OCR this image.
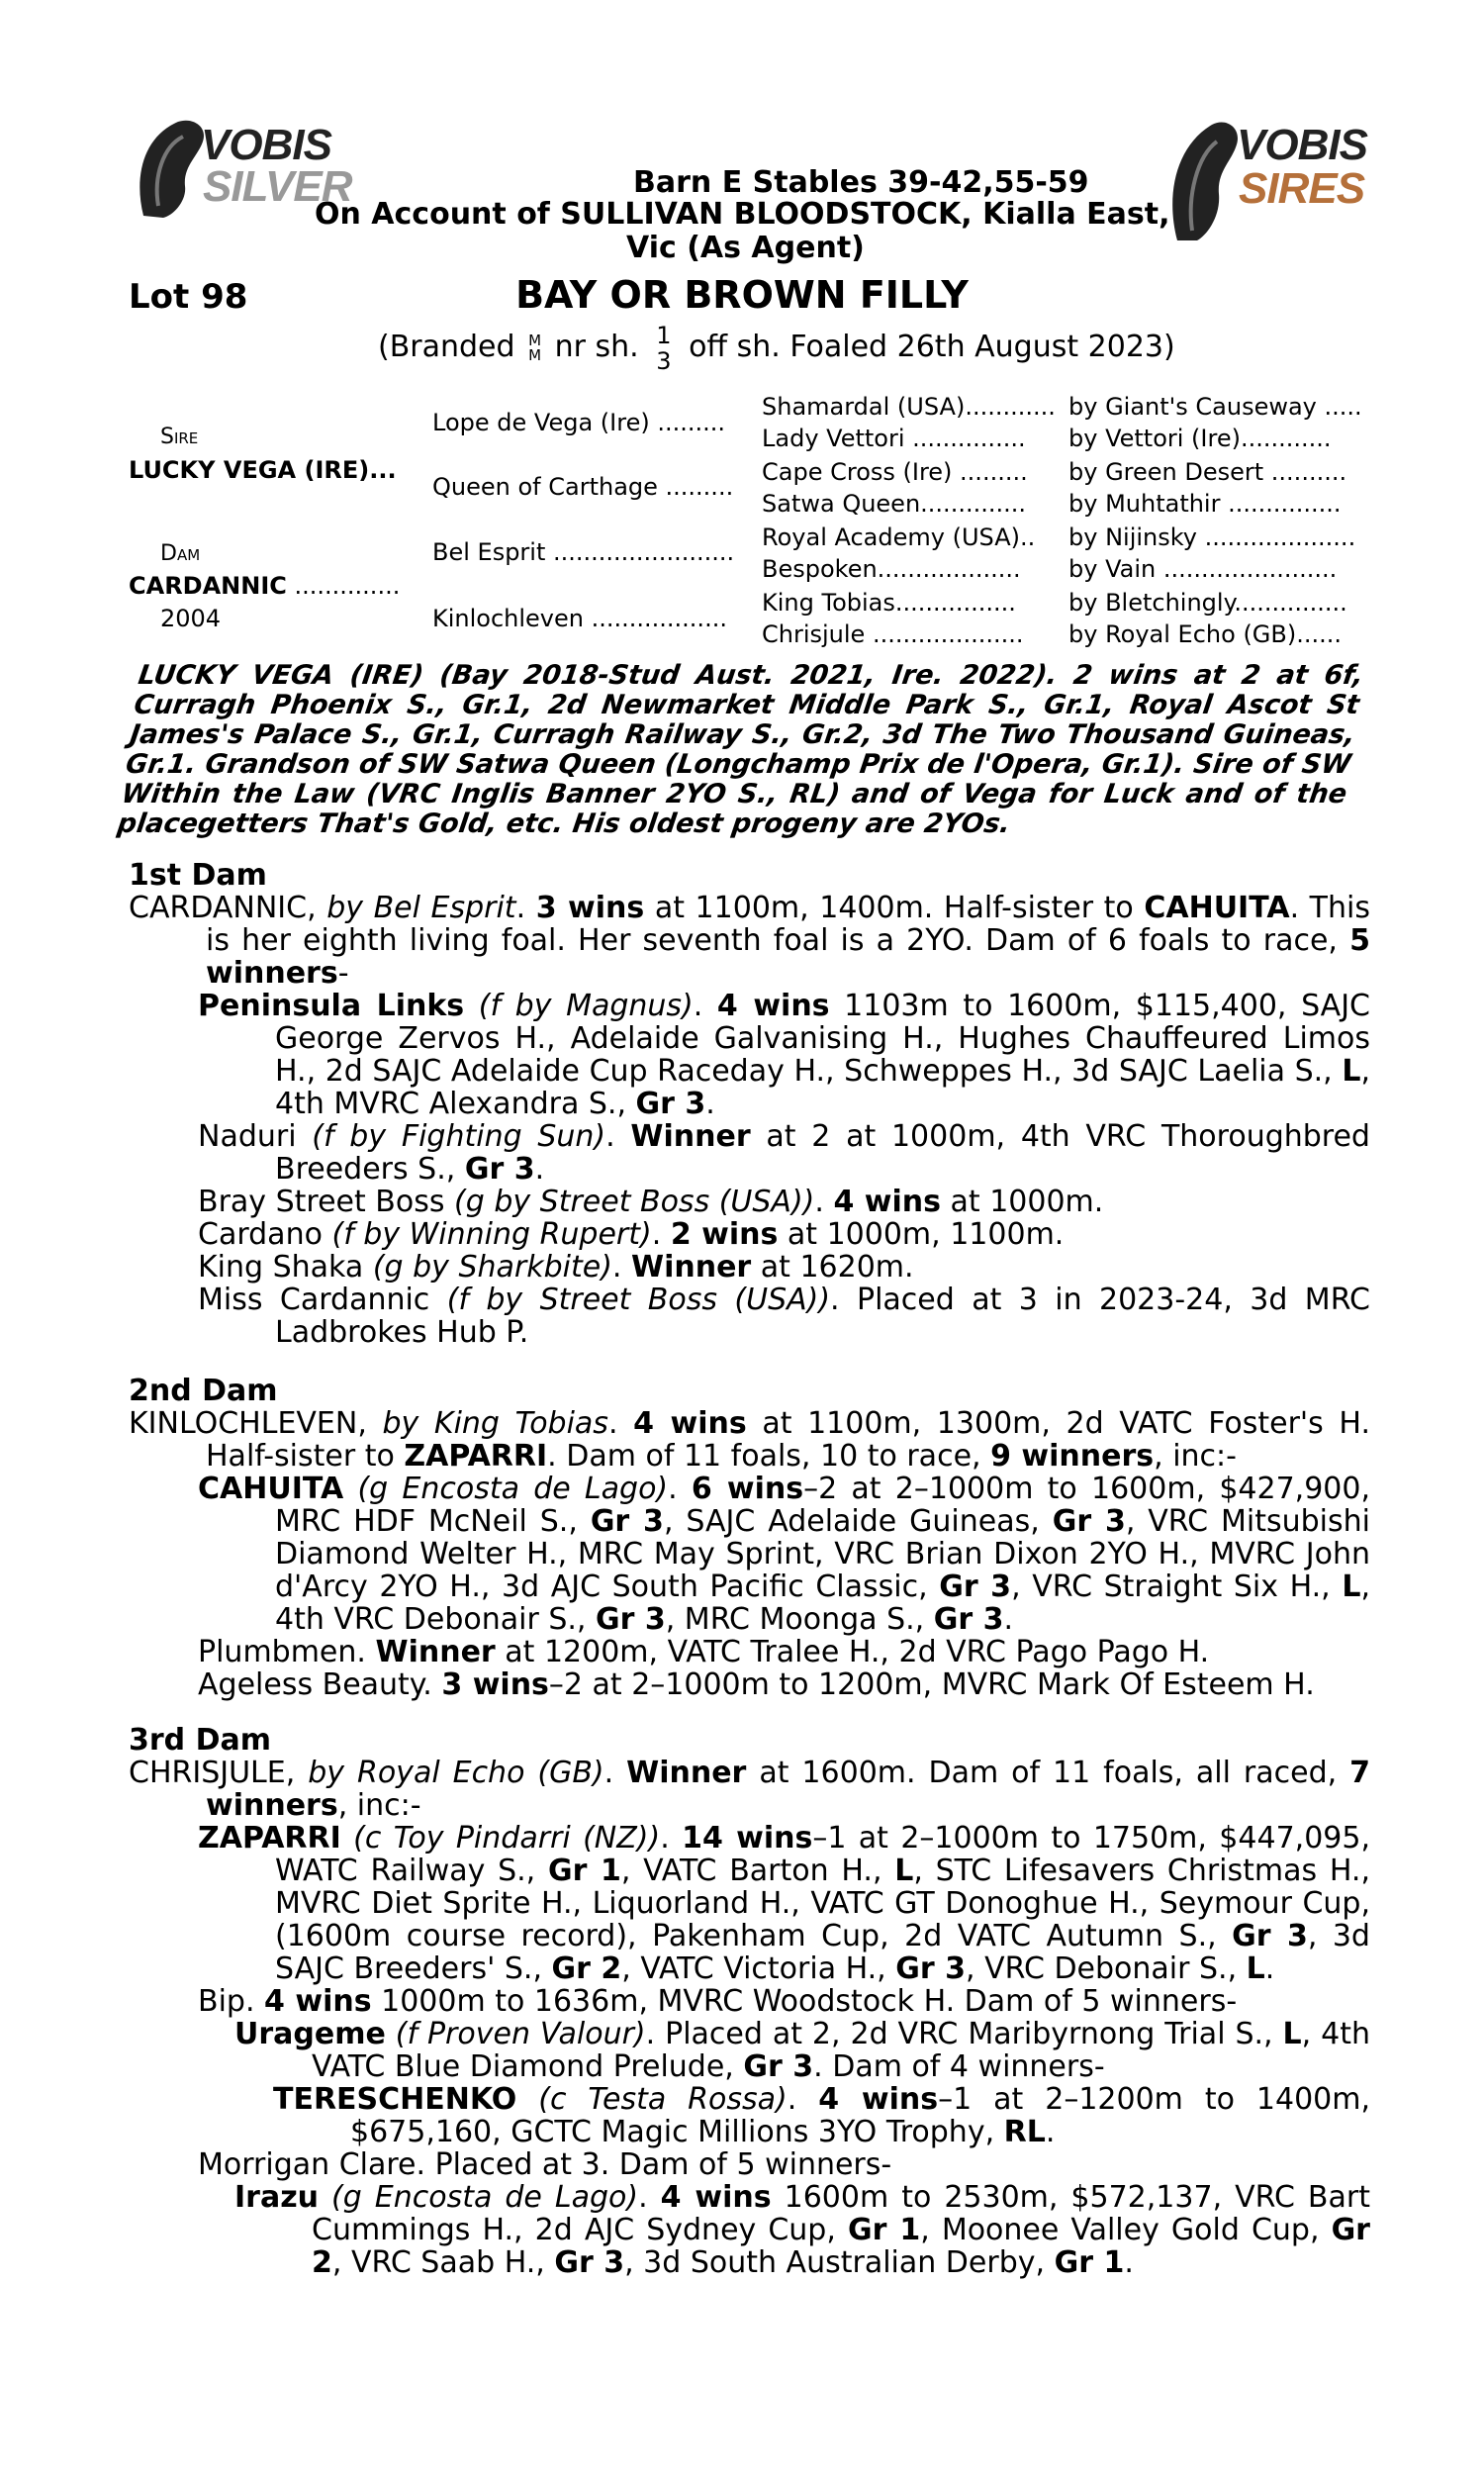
VOBIS
SILVER
VOBIS
SIRES
Barn E Stables 39-42,55-59
On Account of SULLIVAN BLOODSTOCK, Kialla East,
Vic (As Agent)
Lot 98	BAY OR BROWN FILLY
(Branded M
M nr sh. 1
3 off sh. Foaled 26th August 2023)
Sire
LUCKY VEGA (IRE)...
Dam
CARDANNIC ..............
2004
Lope de Vega (Ire) .........
Queen of Carthage .........
Bel Esprit ........................
Kinlochleven ..................
Shamardal (USA)............
Lady Vettori ...............
Cape Cross (Ire) .........
Satwa Queen..............
Royal Academy (USA)..
Bespoken...................
King Tobias................
Chrisjule ....................
by Giant's Causeway .....
by Vettori (Ire)............
by Green Desert ..........
by Muhtathir ...............
by Nijinsky ....................
by Vain .......................
by Bletchingly...............
by Royal Echo (GB)......
LUCKY VEGA (IRE) (Bay 2018-Stud Aust. 2021, Ire. 2022). 2 wins at 2 at 6f, Curragh Phoenix S., Gr.1, 2d Newmarket Middle Park S., Gr.1, Royal Ascot St James's Palace S., Gr.1, Curragh Railway S., Gr.2, 3d The Two Thousand Guineas, Gr.1. Grandson of SW Satwa Queen (Longchamp Prix de l'Opera, Gr.1). Sire of SW Within the Law (VRC Inglis Banner 2YO S., RL) and of Vega for Luck and of the placegetters That's Gold, etc. His oldest progeny are 2YOs.
1st Dam
CARDANNIC, by Bel Esprit. 3 wins at 1100m, 1400m. Half-sister to CAHUITA. This is her eighth living foal. Her seventh foal is a 2YO. Dam of 6 foals to race, 5 winners-
Peninsula Links (f by Magnus). 4 wins 1103m to 1600m, $115,400, SAJC George Zervos H., Adelaide Galvanising H., Hughes Chauffeured Limos H., 2d SAJC Adelaide Cup Raceday H., Schweppes H., 3d SAJC Laelia S., L, 4th MVRC Alexandra S., Gr 3.
Naduri (f by Fighting Sun). Winner at 2 at 1000m, 4th VRC Thoroughbred Breeders S., Gr 3.
Bray Street Boss (g by Street Boss (USA)). 4 wins at 1000m.
Cardano (f by Winning Rupert). 2 wins at 1000m, 1100m.
King Shaka (g by Sharkbite). Winner at 1620m.
Miss Cardannic (f by Street Boss (USA)). Placed at 3 in 2023-24, 3d MRC Ladbrokes Hub P.
2nd Dam
KINLOCHLEVEN, by King Tobias. 4 wins at 1100m, 1300m, 2d VATC Foster's H. Half-sister to ZAPARRI. Dam of 11 foals, 10 to race, 9 winners, inc:-
CAHUITA (g Encosta de Lago). 6 wins–2 at 2–1000m to 1600m, $427,900, MRC HDF McNeil S., Gr 3, SAJC Adelaide Guineas, Gr 3, VRC Mitsubishi Diamond Welter H., MRC May Sprint, VRC Brian Dixon 2YO H., MVRC John d'Arcy 2YO H., 3d AJC South Pacific Classic, Gr 3, VRC Straight Six H., L, 4th VRC Debonair S., Gr 3, MRC Moonga S., Gr 3.
Plumbmen. Winner at 1200m, VATC Tralee H., 2d VRC Pago Pago H.
Ageless Beauty. 3 wins–2 at 2–1000m to 1200m, MVRC Mark Of Esteem H.
3rd Dam
CHRISJULE, by Royal Echo (GB). Winner at 1600m. Dam of 11 foals, all raced, 7 winners, inc:-
ZAPARRI (c Toy Pindarri (NZ)). 14 wins–1 at 2–1000m to 1750m, $447,095, WATC Railway S., Gr 1, VATC Barton H., L, STC Lifesavers Christmas H., MVRC Diet Sprite H., Liquorland H., VATC GT Donoghue H., Seymour Cup, (1600m course record), Pakenham Cup, 2d VATC Autumn S., Gr 3, 3d SAJC Breeders' S., Gr 2, VATC Victoria H., Gr 3, VRC Debonair S., L.
Bip. 4 wins 1000m to 1636m, MVRC Woodstock H. Dam of 5 winners-
Urageme (f Proven Valour). Placed at 2, 2d VRC Maribyrnong Trial S., L, 4th VATC Blue Diamond Prelude, Gr 3. Dam of 4 winners-
TERESCHENKO (c Testa Rossa). 4 wins–1 at 2–1200m to 1400m, $675,160, GCTC Magic Millions 3YO Trophy, RL.
Morrigan Clare. Placed at 3. Dam of 5 winners-
Irazu (g Encosta de Lago). 4 wins 1600m to 2530m, $572,137, VRC Bart Cummings H., 2d AJC Sydney Cup, Gr 1, Moonee Valley Gold Cup, Gr 2, VRC Saab H., Gr 3, 3d South Australian Derby, Gr 1.
